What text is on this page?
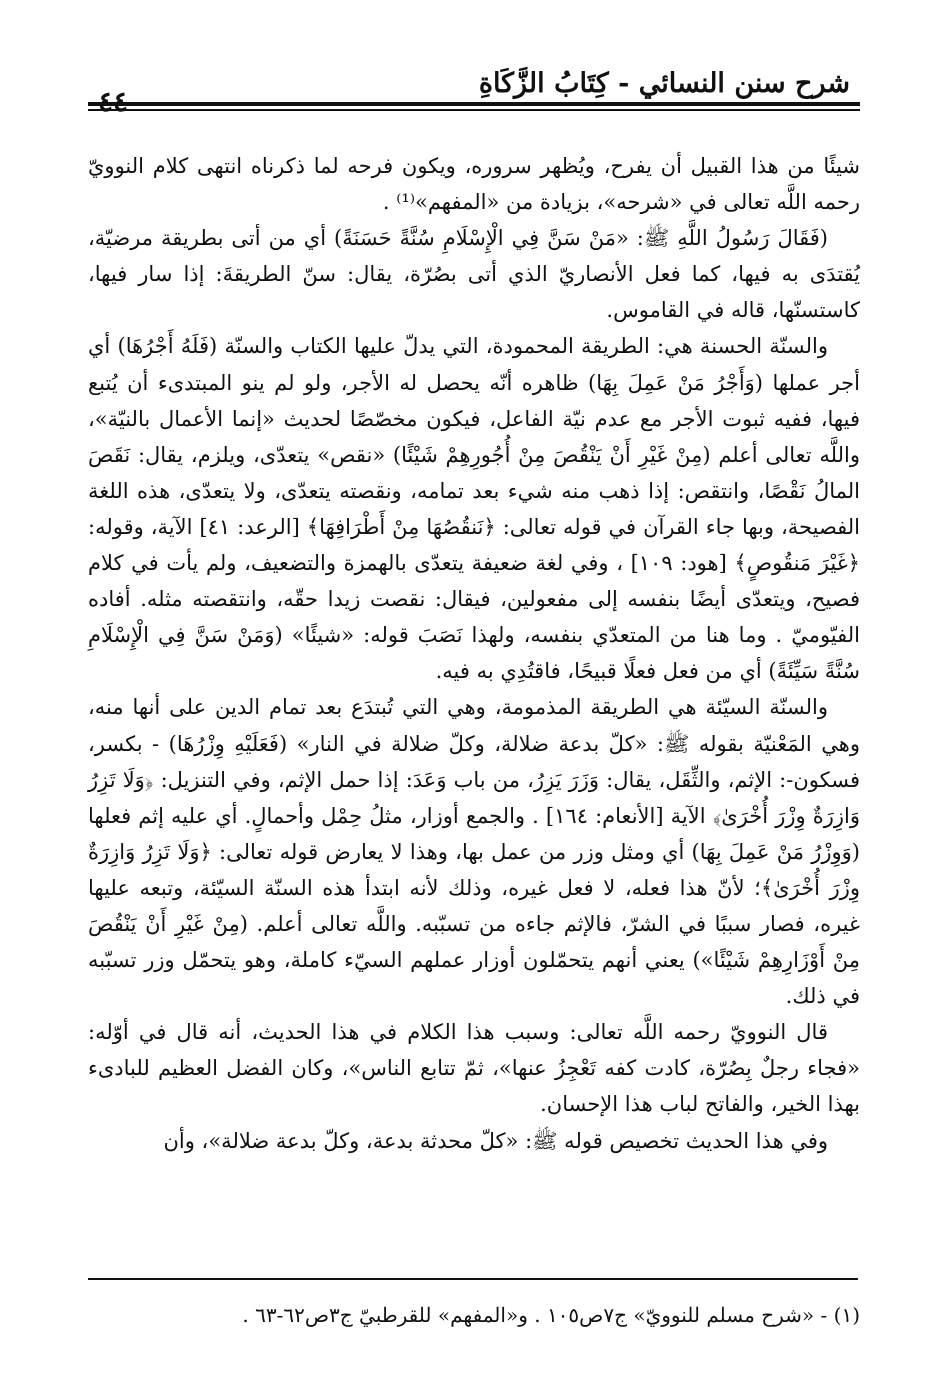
شرح سنن النسائي - كِتَابُ الزَّكَاةِ

شيئًا من هذا القبيل أن يفرح، ويُظهر سروره، ويكون فرحه لما ذكرناه انتهى كلام النوويّ رحمه اللَّه تعالى في «شرحه»، بزيادة من «المفهم»⁽¹⁾ .

(فَقَالَ رَسُولُ اللَّهِ ﷺ: «مَنْ سَنَّ فِي الْإِسْلَامِ سُنَّةً حَسَنَةً) أي من أتى بطريقة مرضيّة، يُقتدَى به فيها، كما فعل الأنصاريّ الذي أتى بصُرّة، يقال: سنّ الطريقةَ: إذا سار فيها، كاستسنّها، قاله في القاموس.

والسنّة الحسنة هي: الطريقة المحمودة، التي يدلّ عليها الكتاب والسنّة (فَلَهُ أَجْرُهَا) أي أجر عملها (وَأَجْرُ مَنْ عَمِلَ بِهَا) ظاهره أنّه يحصل له الأجر، ولو لم ينو المبتدىء أن يُتبع فيها، ففيه ثبوت الأجر مع عدم نيّة الفاعل، فيكون مخصّصًا لحديث «إنما الأعمال بالنيّة»، واللَّه تعالى أعلم (مِنْ غَيْرِ أَنْ يَنْقُصَ مِنْ أُجُورِهِمْ شَيْئًا) «نقص» يتعدّى، ويلزم، يقال: نَقَصَ المالُ نَقْصًا، وانتقص: إذا ذهب منه شيء بعد تمامه، ونقصته يتعدّى، ولا يتعدّى، هذه اللغة الفصيحة، وبها جاء القرآن في قوله تعالى: ﴿نَنقُصُهَا مِنْ أَطْرَافِهَا﴾ [الرعد: ٤١] الآية، وقوله: ﴿غَيْرَ مَنقُوصٍ﴾ [هود: ١٠٩] ، وفي لغة ضعيفة يتعدّى بالهمزة والتضعيف، ولم يأت في كلام فصيح، ويتعدّى أيضًا بنفسه إلى مفعولين، فيقال: نقصت زيدا حقّه، وانتقصته مثله. أفاده الفيّوميّ . وما هنا من المتعدّي بنفسه، ولهذا نَصَبَ قوله: «شيئًا» (وَمَنْ سَنَّ فِي الْإِسْلَامِ سُنَّةً سَيِّئَةً) أي من فعل فعلًا قبيحًا، فاقتُدِي به فيه.

والسنّة السيّئة هي الطريقة المذمومة، وهي التي تُبتدَع بعد تمام الدين على أنها منه، وهي المَعْنيّة بقوله ﷺ: «كلّ بدعة ضلالة، وكلّ ضلالة في النار» (فَعَلَيْهِ وِزْرُهَا) - بكسر، فسكون-: الإثم، والثِّقَل، يقال: وَزَرَ يَزِرُ، من باب وَعَدَ: إذا حمل الإثم، وفي التنزيل: ﴿وَلَا تَزِرُ وَازِرَةٌ وِزْرَ أُخْرَىٰ﴾ الآية [الأنعام: ١٦٤] . والجمع أوزار، مثلُ حِمْل وأحمالٍ. أي عليه إثم فعلها (وَوِزْرُ مَنْ عَمِلَ بِهَا) أي ومثل وزر من عمل بها، وهذا لا يعارض قوله تعالى: ﴿وَلَا تَزِرُ وَازِرَةٌ وِزْرَ أُخْرَىٰ﴾؛ لأنّ هذا فعله، لا فعل غيره، وذلك لأنه ابتدأ هذه السنّة السيّئة، وتبعه عليها غيره، فصار سببًا في الشرّ، فالإثم جاءه من تسبّبه. واللَّه تعالى أعلم. (مِنْ غَيْرِ أَنْ يَنْقُصَ مِنْ أَوْزَارِهِمْ شَيْئًا») يعني أنهم يتحمّلون أوزار عملهم السيّء كاملة، وهو يتحمّل وزر تسبّبه في ذلك.

قال النوويّ رحمه اللَّه تعالى: وسبب هذا الكلام في هذا الحديث، أنه قال في أوّله: «فجاء رجلٌ بِصُرّة، كادت كفه تَعْجِزُ عنها»، ثمّ تتابع الناس»، وكان الفضل العظيم للبادىء بهذا الخير، والفاتح لباب هذا الإحسان.

وفي هذا الحديث تخصيص قوله ﷺ: «كلّ محدثة بدعة، وكلّ بدعة ضلالة»، وأن

(١) - «شرح مسلم للنوويّ» ج٧ص١٠٥ . و«المفهم» للقرطبيّ ج٣ص٦٢-٦٣ .
